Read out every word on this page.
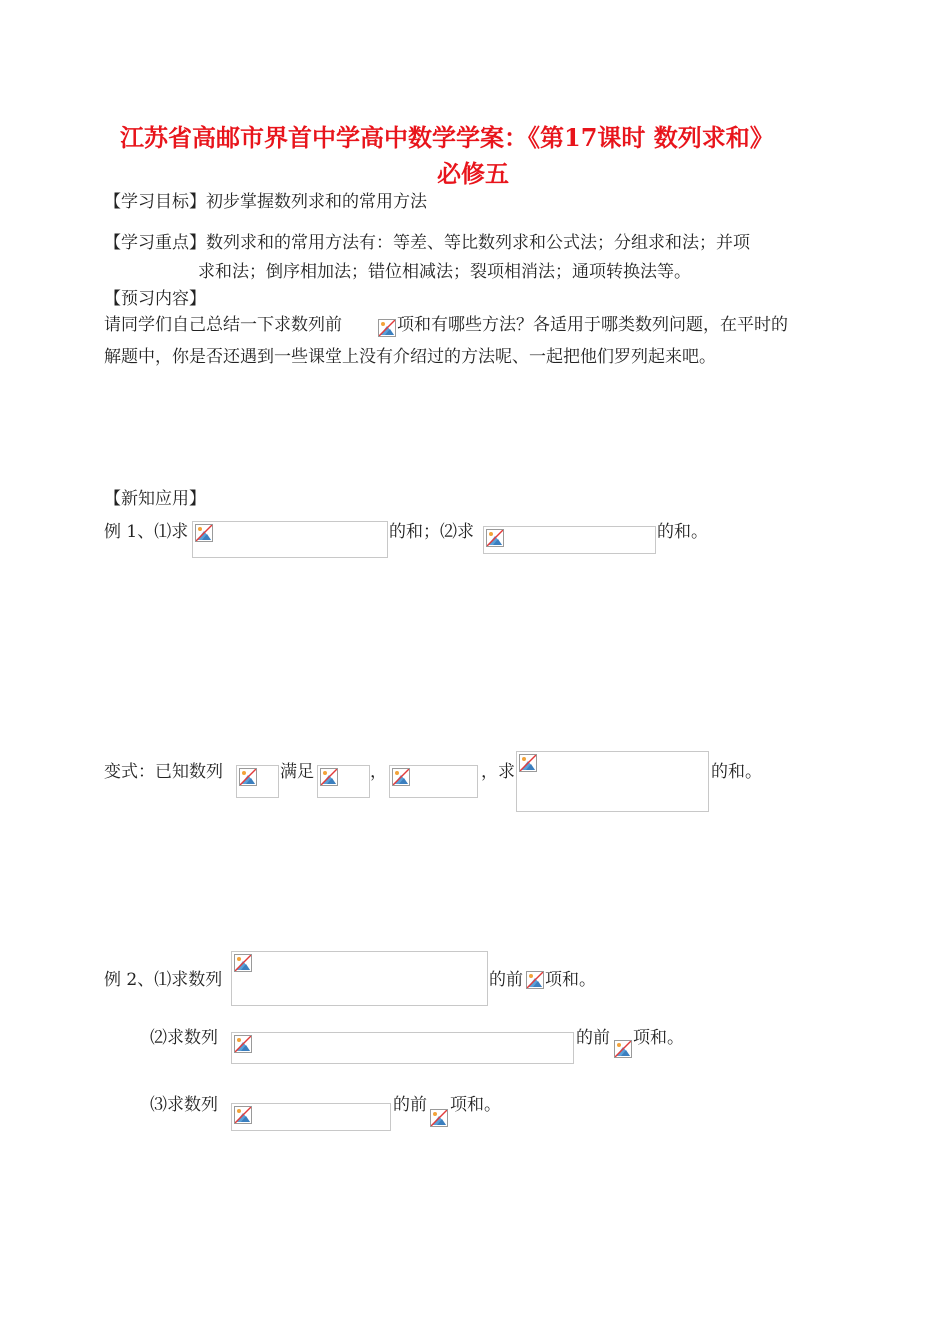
江苏省高邮市界首中学高中数学学案：《第17课时 数列求和》
必修五
【学习目标】初步掌握数列求和的常用方法
【学习重点】数列求和的常用方法有：等差、等比数列求和公式法；分组求和法；并项
求和法；倒序相加法；错位相减法；裂项相消法；通项转换法等。
【预习内容】
请同学们自己总结一下求数列前	项和有哪些方法？各适用于哪类数列问题，在平时的
解题中，你是否还遇到一些课堂上没有介绍过的方法呢、一起把他们罗列起来吧。
【新知应用】
例 1、⑴求	的和；⑵求	的和。
变式：已知数列	满足	，	，求	的和。
例 2、⑴求数列	的前 项和。
⑵求数列	的前 项和。
⑶求数列	的前 项和。
